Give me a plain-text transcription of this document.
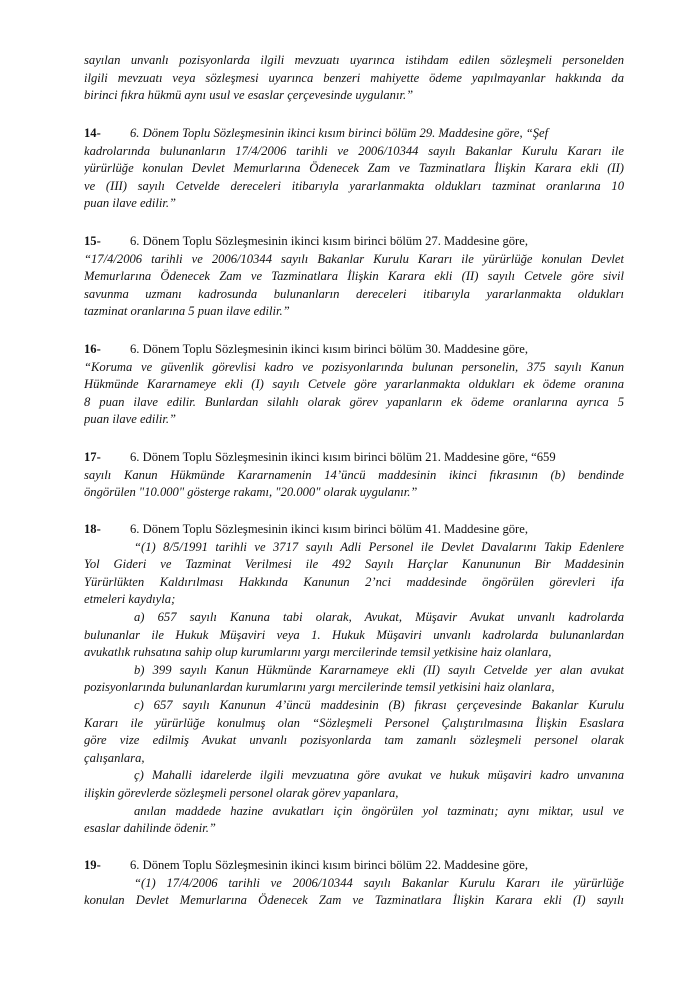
sayılan unvanlı pozisyonlarda ilgili mevzuatı uyarınca istihdam edilen sözleşmeli personelden
ilgili mevzuatı veya sözleşmesi uyarınca benzeri mahiyette ödeme yapılmayanlar hakkında da
birinci fıkra hükmü aynı usul ve esaslar çerçevesinde uygulanır.”
14- 6. Dönem Toplu Sözleşmesinin ikinci kısım birinci bölüm 29. Maddesine göre, “Şef
kadrolarında bulunanların 17/4/2006 tarihli ve 2006/10344 sayılı Bakanlar Kurulu Kararı ile
yürürlüğe konulan Devlet Memurlarına Ödenecek Zam ve Tazminatlara İlişkin Karara ekli (II)
ve (III) sayılı Cetvelde dereceleri itibarıyla yararlanmakta oldukları tazminat oranlarına 10
puan ilave edilir.”
15- 6. Dönem Toplu Sözleşmesinin ikinci kısım birinci bölüm 27. Maddesine göre,
“17/4/2006 tarihli ve 2006/10344 sayılı Bakanlar Kurulu Kararı ile yürürlüğe konulan Devlet
Memurlarına Ödenecek Zam ve Tazminatlara İlişkin Karara ekli (II) sayılı Cetvele göre sivil
savunma uzmanı kadrosunda bulunanların dereceleri itibarıyla yararlanmakta oldukları
tazminat oranlarına 5 puan ilave edilir.”
16- 6. Dönem Toplu Sözleşmesinin ikinci kısım birinci bölüm 30. Maddesine göre,
“Koruma ve güvenlik görevlisi kadro ve pozisyonlarında bulunan personelin, 375 sayılı Kanun
Hükmünde Kararnameye ekli (I) sayılı Cetvele göre yararlanmakta oldukları ek ödeme oranına
8 puan ilave edilir. Bunlardan silahlı olarak görev yapanların ek ödeme oranlarına ayrıca 5
puan ilave edilir.”
17- 6. Dönem Toplu Sözleşmesinin ikinci kısım birinci bölüm 21. Maddesine göre, “659
sayılı Kanun Hükmünde Kararnamenin 14’üncü maddesinin ikinci fıkrasının (b) bendinde
öngörülen "10.000" gösterge rakamı, "20.000" olarak uygulanır.”
18- 6. Dönem Toplu Sözleşmesinin ikinci kısım birinci bölüm 41. Maddesine göre,
“(1) 8/5/1991 tarihli ve 3717 sayılı Adli Personel ile Devlet Davalarını Takip Edenlere
Yol Gideri ve Tazminat Verilmesi ile 492 Sayılı Harçlar Kanununun Bir Maddesinin
Yürürlükten Kaldırılması Hakkında Kanunun 2’nci maddesinde öngörülen görevleri ifa
etmeleri kaydıyla;
a) 657 sayılı Kanuna tabi olarak, Avukat, Müşavir Avukat unvanlı kadrolarda
bulunanlar ile Hukuk Müşaviri veya 1. Hukuk Müşaviri unvanlı kadrolarda bulunanlardan
avukatlık ruhsatına sahip olup kurumlarını yargı mercilerinde temsil yetkisine haiz olanlara,
b) 399 sayılı Kanun Hükmünde Kararnameye ekli (II) sayılı Cetvelde yer alan avukat
pozisyonlarında bulunanlardan kurumlarını yargı mercilerinde temsil yetkisini haiz olanlara,
c) 657 sayılı Kanunun 4’üncü maddesinin (B) fıkrası çerçevesinde Bakanlar Kurulu
Kararı ile yürürlüğe konulmuş olan “Sözleşmeli Personel Çalıştırılmasına İlişkin Esaslara
göre vize edilmiş Avukat unvanlı pozisyonlarda tam zamanlı sözleşmeli personel olarak
çalışanlara,
ç) Mahalli idarelerde ilgili mevzuatına göre avukat ve hukuk müşaviri kadro unvanına
ilişkin görevlerde sözleşmeli personel olarak görev yapanlara,
anılan maddede hazine avukatları için öngörülen yol tazminatı; aynı miktar, usul ve
esaslar dahilinde ödenir.”
19- 6. Dönem Toplu Sözleşmesinin ikinci kısım birinci bölüm 22. Maddesine göre,
“(1) 17/4/2006 tarihli ve 2006/10344 sayılı Bakanlar Kurulu Kararı ile yürürlüğe
konulan Devlet Memurlarına Ödenecek Zam ve Tazminatlara İlişkin Karara ekli (I) sayılı
